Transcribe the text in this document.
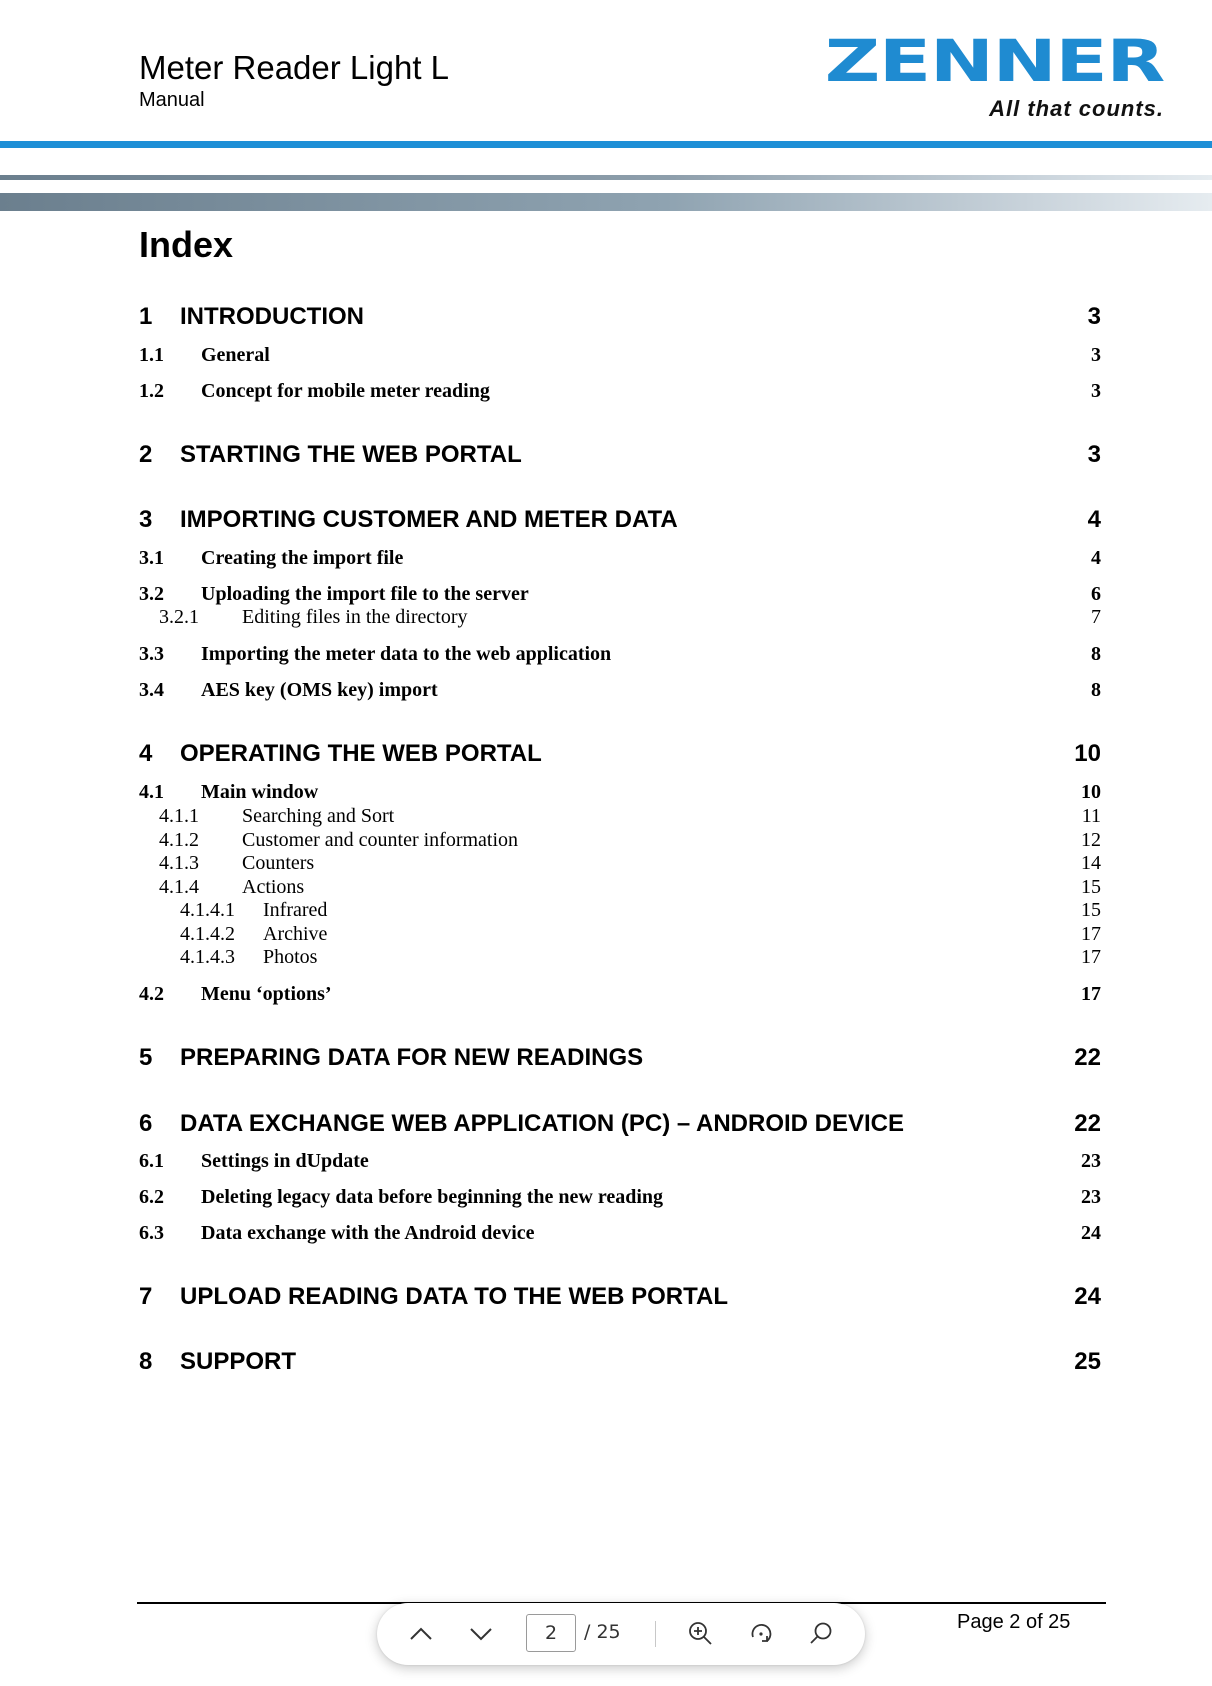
Meter Reader Light L
Manual
ZENNER
All that counts.
Index
1 INTRODUCTION	3
1.1 General	3
1.2 Concept for mobile meter reading	3
2 STARTING THE WEB PORTAL	3
3 IMPORTING CUSTOMER AND METER DATA	4
3.1 Creating the import file	4
3.2 Uploading the import file to the server	6
3.2.1 Editing files in the directory	7
3.3 Importing the meter data to the web application	8
3.4 AES key (OMS key) import	8
4 OPERATING THE WEB PORTAL	10
4.1 Main window	10
4.1.1 Searching and Sort	11
4.1.2 Customer and counter information	12
4.1.3 Counters	14
4.1.4 Actions	15
4.1.4.1 Infrared	15
4.1.4.2 Archive	17
4.1.4.3 Photos	17
4.2 Menu ‘options’	17
5 PREPARING DATA FOR NEW READINGS	22
6 DATA EXCHANGE WEB APPLICATION (PC) – ANDROID DEVICE	22
6.1 Settings in dUpdate	23
6.2 Deleting legacy data before beginning the new reading	23
6.3 Data exchange with the Android device	24
7 UPLOAD READING DATA TO THE WEB PORTAL	24
8 SUPPORT	25
Page 2 of 25
2
/ 25
